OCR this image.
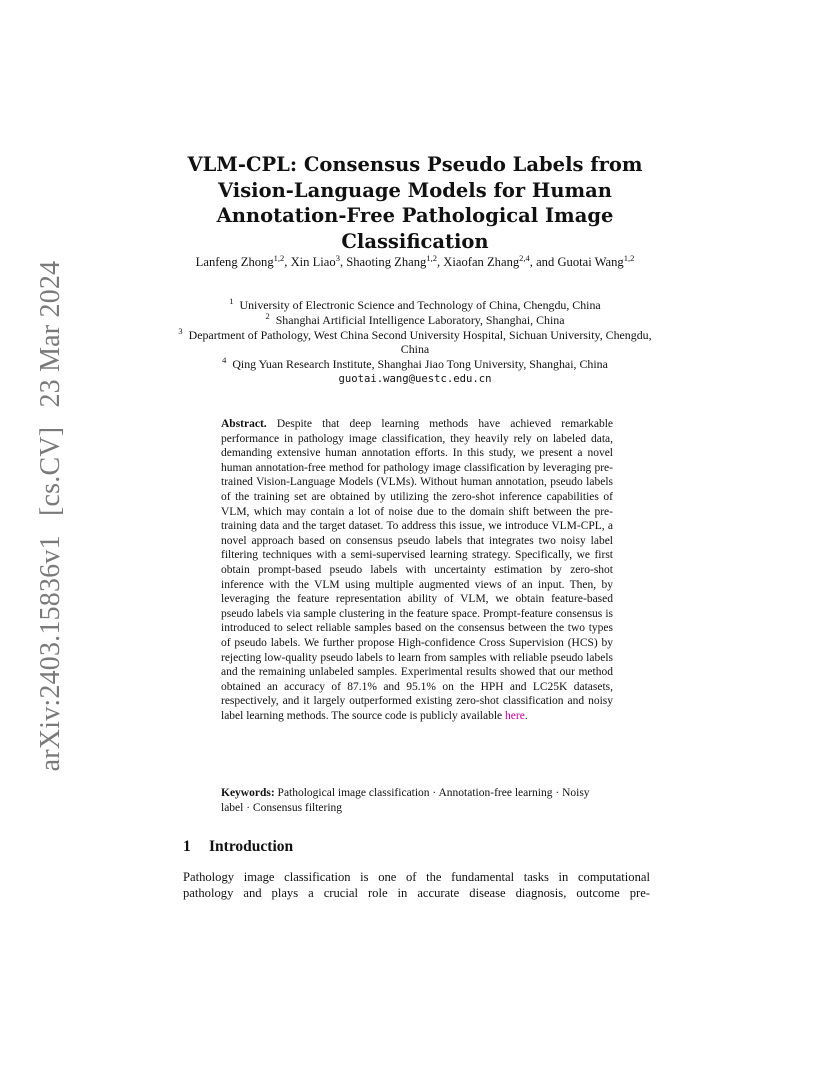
arXiv:2403.15836v1 [cs.CV] 23 Mar 2024
VLM-CPL: Consensus Pseudo Labels from Vision-Language Models for Human Annotation-Free Pathological Image Classification
Lanfeng Zhong$^{1,2}$, Xin Liao$^3$, Shaoting Zhang$^{1,2}$, Xiaofan Zhang$^{2,4}$, and Guotai Wang$^{1,2}$
$^1$ University of Electronic Science and Technology of China, Chengdu, China
$^2$ Shanghai Artificial Intelligence Laboratory, Shanghai, China
$^3$ Department of Pathology, West China Second University Hospital, Sichuan University, Chengdu, China
$^4$ Qing Yuan Research Institute, Shanghai Jiao Tong University, Shanghai, China
guotai.wang@uestc.edu.cn
Abstract. Despite that deep learning methods have achieved remarkable performance in pathology image classification, they heavily rely on labeled data, demanding extensive human annotation efforts. In this study, we present a novel human annotation-free method for pathology image classification by leveraging pre-trained Vision-Language Models (VLMs). Without human annotation, pseudo labels of the training set are obtained by utilizing the zero-shot inference capabilities of VLM, which may contain a lot of noise due to the domain shift between the pre-training data and the target dataset. To address this issue, we introduce VLM-CPL, a novel approach based on consensus pseudo labels that integrates two noisy label filtering techniques with a semi-supervised learning strategy. Specifically, we first obtain prompt-based pseudo labels with uncertainty estimation by zero-shot inference with the VLM using multiple augmented views of an input. Then, by leveraging the feature representation ability of VLM, we obtain feature-based pseudo labels via sample clustering in the feature space. Prompt-feature consensus is introduced to select reliable samples based on the consensus between the two types of pseudo labels. We further propose High-confidence Cross Supervision (HCS) by rejecting low-quality pseudo labels to learn from samples with reliable pseudo labels and the remaining unlabeled samples. Experimental results showed that our method obtained an accuracy of 87.1% and 95.1% on the HPH and LC25K datasets, respectively, and it largely outperformed existing zero-shot classification and noisy label learning methods. The source code is publicly available here.
Keywords: Pathological image classification · Annotation-free learning · Noisy label · Consensus filtering
1 Introduction
Pathology image classification is one of the fundamental tasks in computational
pathology and plays a crucial role in accurate disease diagnosis, outcome pre-
